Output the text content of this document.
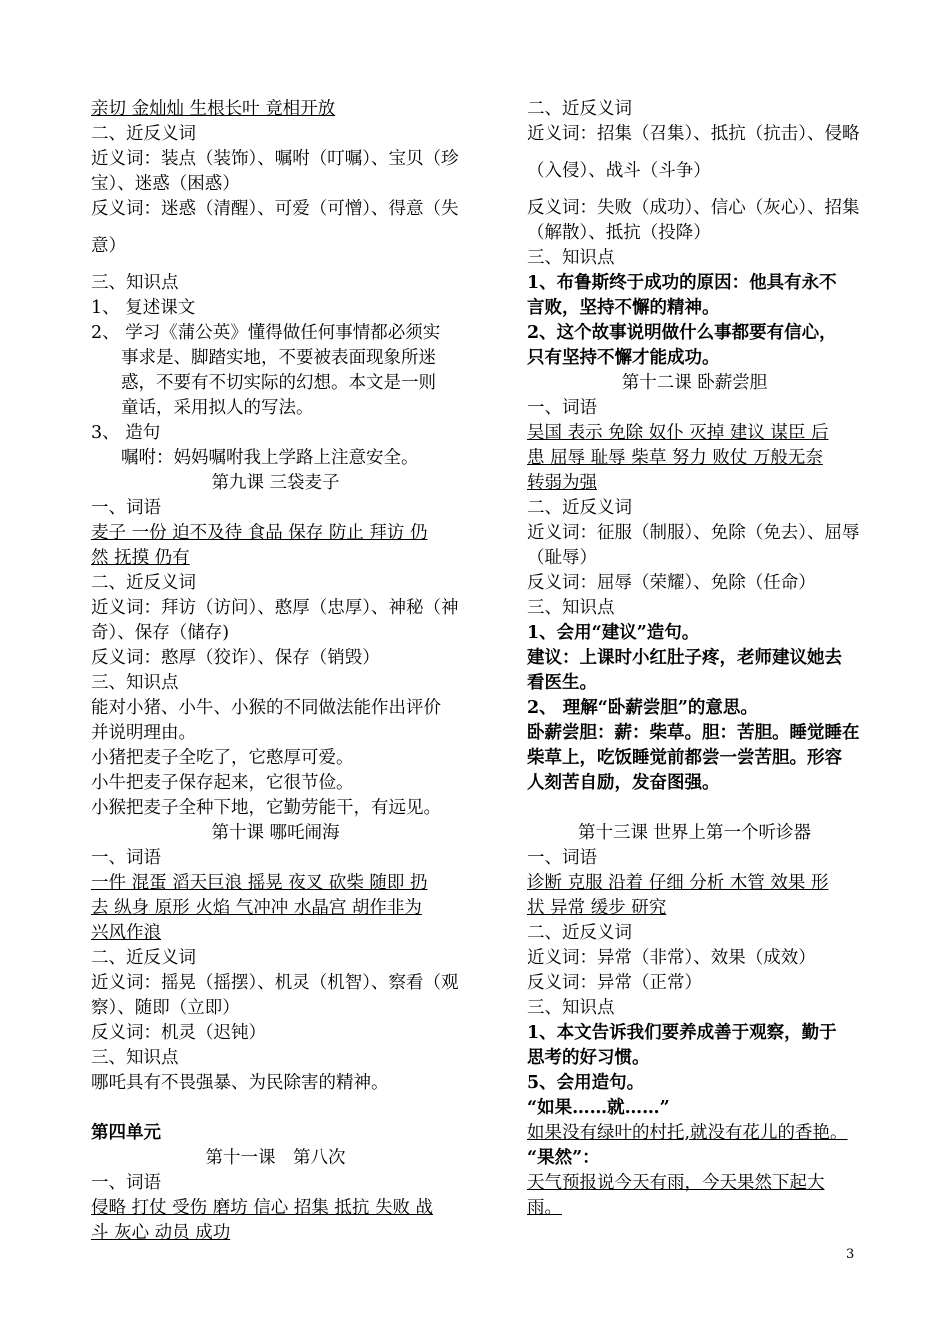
亲切 金灿灿 生根长叶 竟相开放
二、近反义词
近义词：装点（装饰）、嘱咐（叮嘱）、宝贝（珍
宝）、迷惑（困惑）
反义词：迷惑（清醒）、可爱（可憎）、得意（失
意）
三、知识点
1、 复述课文
2、 学习《蒲公英》懂得做任何事情都必须实
事求是、脚踏实地，不要被表面现象所迷
惑，不要有不切实际的幻想。本文是一则
童话，采用拟人的写法。
3、 造句
嘱咐：妈妈嘱咐我上学路上注意安全。
第九课 三袋麦子
一、词语
麦子 一份 迫不及待 食品 保存 防止 拜访 仍
然 抚摸 仍有
二、近反义词
近义词：拜访（访问）、憨厚（忠厚）、神秘（神
奇）、保存（储存)
反义词：憨厚（狡诈）、保存（销毁）
三、知识点
能对小猪、小牛、小猴的不同做法能作出评价
并说明理由。
小猪把麦子全吃了，它憨厚可爱。
小牛把麦子保存起来，它很节俭。
小猴把麦子全种下地，它勤劳能干，有远见。
第十课 哪吒闹海
一、词语
一件 混蛋 滔天巨浪 摇晃 夜叉 砍柴 随即 扔
去 纵身 原形 火焰 气冲冲 水晶宫 胡作非为
兴风作浪
二、近反义词
近义词：摇晃（摇摆）、机灵（机智）、察看（观
察）、随即（立即）
反义词：机灵（迟钝）
三、知识点
哪吒具有不畏强暴、为民除害的精神。
第四单元
第十一课　第八次
一、词语
侵略 打仗 受伤 磨坊 信心 招集 抵抗 失败 战
斗 灰心 动员 成功
二、近反义词
近义词：招集（召集）、抵抗（抗击）、侵略
（入侵）、战斗（斗争）
反义词：失败（成功）、信心（灰心）、招集
（解散）、抵抗（投降）
三、知识点
1、布鲁斯终于成功的原因：他具有永不
言败，坚持不懈的精神。
2、这个故事说明做什么事都要有信心，
只有坚持不懈才能成功。
第十二课 卧薪尝胆
一、词语
吴国 表示 免除 奴仆 灭掉 建议 谋臣 后
患 屈辱 耻辱 柴草 努力 败仗 万般无奈
转弱为强
二、近反义词
近义词：征服（制服）、免除（免去）、屈辱
（耻辱）
反义词：屈辱（荣耀）、免除（任命）
三、知识点
1、会用“建议”造句。
建议：上课时小红肚子疼，老师建议她去
看医生。
2、 理解“卧薪尝胆”的意思。
卧薪尝胆：薪：柴草。胆：苦胆。睡觉睡在
柴草上，吃饭睡觉前都尝一尝苦胆。形容
人刻苦自励，发奋图强。
第十三课 世界上第一个听诊器
一、词语
诊断 克服 沿着 仔细 分析 木管 效果 形
状 异常 缓步 研究
二、近反义词
近义词：异常（非常）、效果（成效）
反义词：异常（正常）
三、知识点
1、本文告诉我们要养成善于观察，勤于
思考的好习惯。
5、会用造句。
“如果……就……”
如果没有绿叶的村托,就没有花儿的香艳。
“果然”：
天气预报说今天有雨，今天果然下起大
雨。
3
